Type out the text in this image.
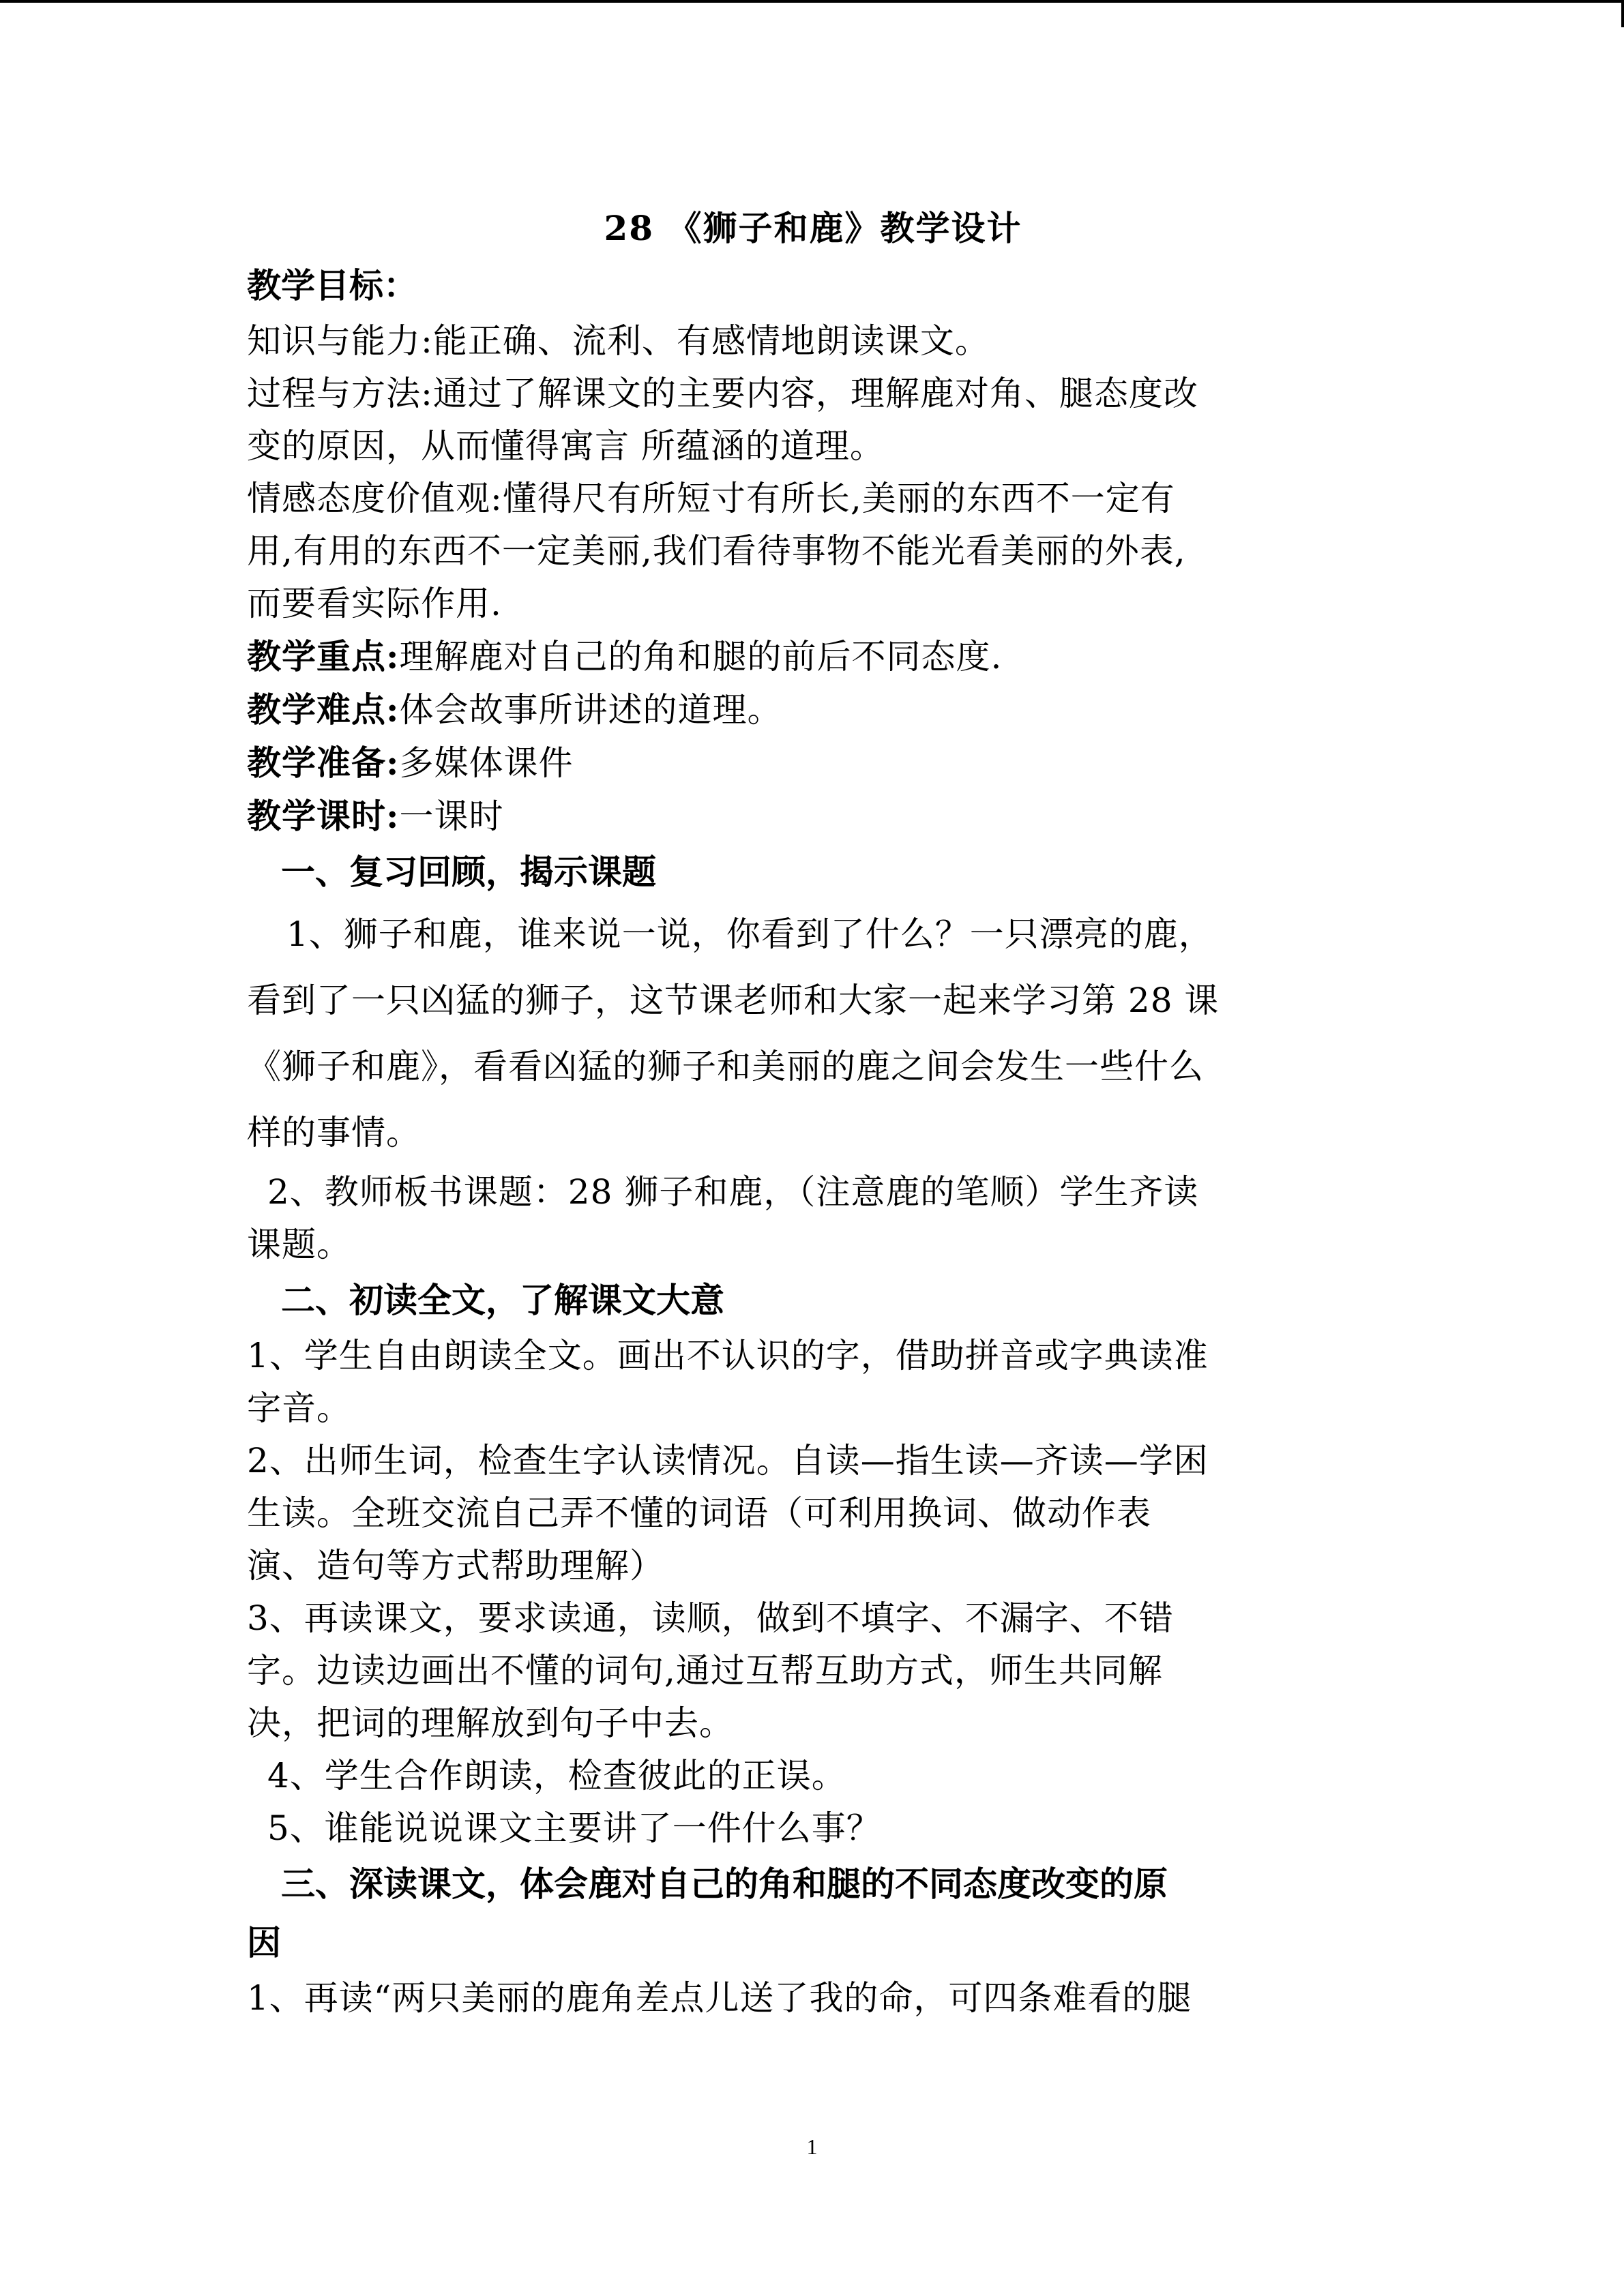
28 《狮子和鹿》教学设计

教学目标：

知识与能力:能正确、流利、有感情地朗读课文。

过程与方法:通过了解课文的主要内容，理解鹿对角、腿态度改

变的原因，从而懂得寓言 所蕴涵的道理。

情感态度价值观:懂得尺有所短寸有所长,美丽的东西不一定有

用,有用的东西不一定美丽,我们看待事物不能光看美丽的外表,

而要看实际作用.

教学重点:理解鹿对自己的角和腿的前后不同态度.

教学难点:体会故事所讲述的道理。

教学准备:多媒体课件

教学课时:一课时

一、复习回顾，揭示课题

1、狮子和鹿，谁来说一说，你看到了什么？一只漂亮的鹿，

看到了一只凶猛的狮子，这节课老师和大家一起来学习第 28 课

《狮子和鹿》，看看凶猛的狮子和美丽的鹿之间会发生一些什么

样的事情。

2、教师板书课题：28 狮子和鹿，（注意鹿的笔顺）学生齐读

课题。

二、初读全文，了解课文大意

1、学生自由朗读全文。画出不认识的字，借助拼音或字典读准

字音。

2、出师生词，检查生字认读情况。自读—指生读—齐读—学困

生读。全班交流自己弄不懂的词语（可利用换词、做动作表

演、造句等方式帮助理解）

3、再读课文，要求读通，读顺，做到不填字、不漏字、不错

字。边读边画出不懂的词句,通过互帮互助方式，师生共同解

决，把词的理解放到句子中去。

4、学生合作朗读，检查彼此的正误。

5、谁能说说课文主要讲了一件什么事？

三、深读课文，体会鹿对自己的角和腿的不同态度改变的原

因

1、再读“两只美丽的鹿角差点儿送了我的命，可四条难看的腿

1
